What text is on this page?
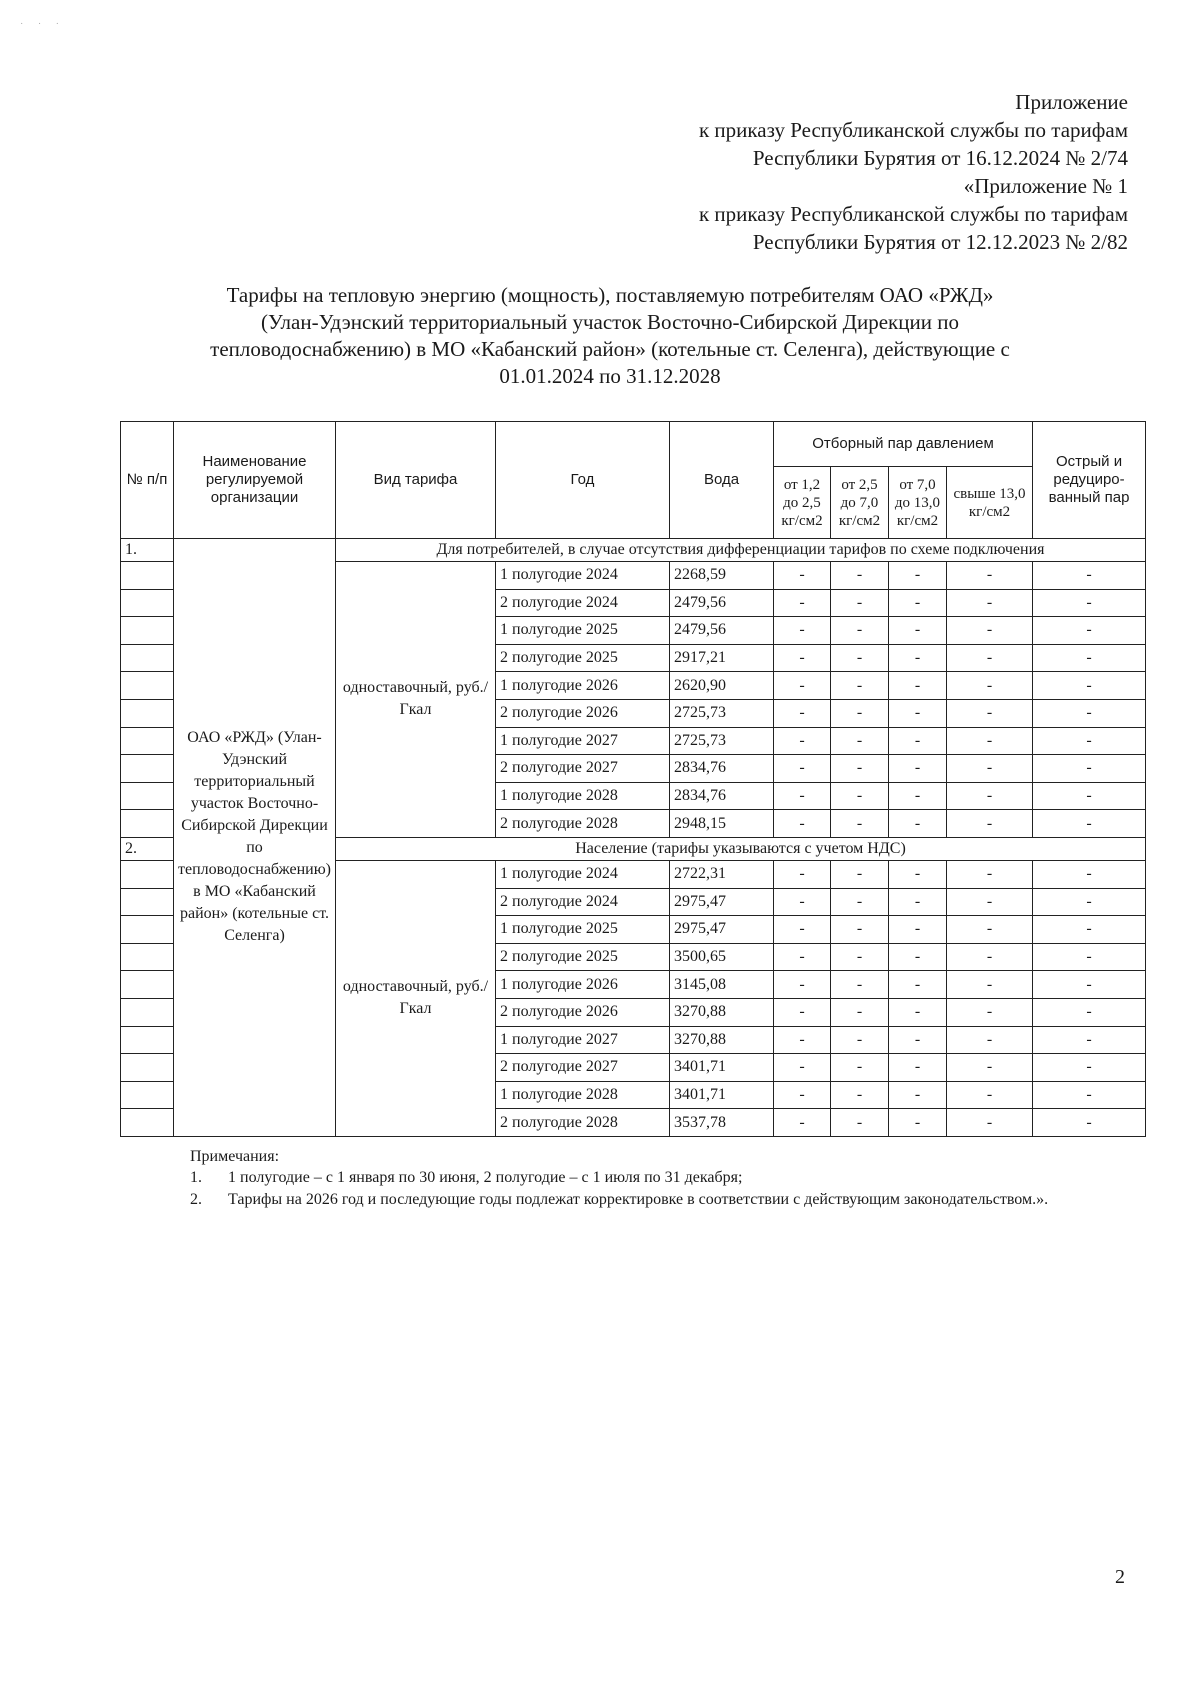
˙ ˙ ˙
Приложение
к приказу Республиканской службы по тарифам
Республики Бурятия от 16.12.2024 № 2/74
«Приложение № 1
к приказу Республиканской службы по тарифам
Республики Бурятия от 12.12.2023 № 2/82
Тарифы на тепловую энергию (мощность), поставляемую потребителям ОАО «РЖД»
(Улан-Удэнский территориальный участок Восточно-Сибирской Дирекции по
тепловодоснабжению) в МО «Кабанский район» (котельные ст. Селенга), действующие с
01.01.2024 по 31.12.2028
№ п/п	Наименование регулируемой организации	Вид тарифа	Год	Вода	Отборный пар давлением				Острый и редуциро-ванный пар
					от 1,2 до 2,5 кг/см2	от 2,5 до 7,0 кг/см2	от 7,0 до 13,0 кг/см2	свыше 13,0 кг/см2	
1.	ОАО «РЖД» (Улан-Удэнский территориальный участок Восточно-Сибирской Дирекции по тепловодоснабжению) в МО «Кабанский район» (котельные ст. Селенга)	Для потребителей, в случае отсутствия дифференциации тарифов по схеме подключения							
		одноставочный, руб./Гкал	1 полугодие 2024	2268,59	-	-	-	-	-
			2 полугодие 2024	2479,56	-	-	-	-	-
			1 полугодие 2025	2479,56	-	-	-	-	-
			2 полугодие 2025	2917,21	-	-	-	-	-
			1 полугодие 2026	2620,90	-	-	-	-	-
			2 полугодие 2026	2725,73	-	-	-	-	-
			1 полугодие 2027	2725,73	-	-	-	-	-
			2 полугодие 2027	2834,76	-	-	-	-	-
			1 полугодие 2028	2834,76	-	-	-	-	-
			2 полугодие 2028	2948,15	-	-	-	-	-
2.		Население (тарифы указываются с учетом НДС)							
		одноставочный, руб./Гкал	1 полугодие 2024	2722,31	-	-	-	-	-
			2 полугодие 2024	2975,47	-	-	-	-	-
			1 полугодие 2025	2975,47	-	-	-	-	-
			2 полугодие 2025	3500,65	-	-	-	-	-
			1 полугодие 2026	3145,08	-	-	-	-	-
			2 полугодие 2026	3270,88	-	-	-	-	-
			1 полугодие 2027	3270,88	-	-	-	-	-
			2 полугодие 2027	3401,71	-	-	-	-	-
			1 полугодие 2028	3401,71	-	-	-	-	-
			2 полугодие 2028	3537,78	-	-	-	-	-
Примечания:
1. 1 полугодие – с 1 января по 30 июня, 2 полугодие – с 1 июля по 31 декабря;
2. Тарифы на 2026 год и последующие годы подлежат корректировке в соответствии с действующим законодательством.».
2
